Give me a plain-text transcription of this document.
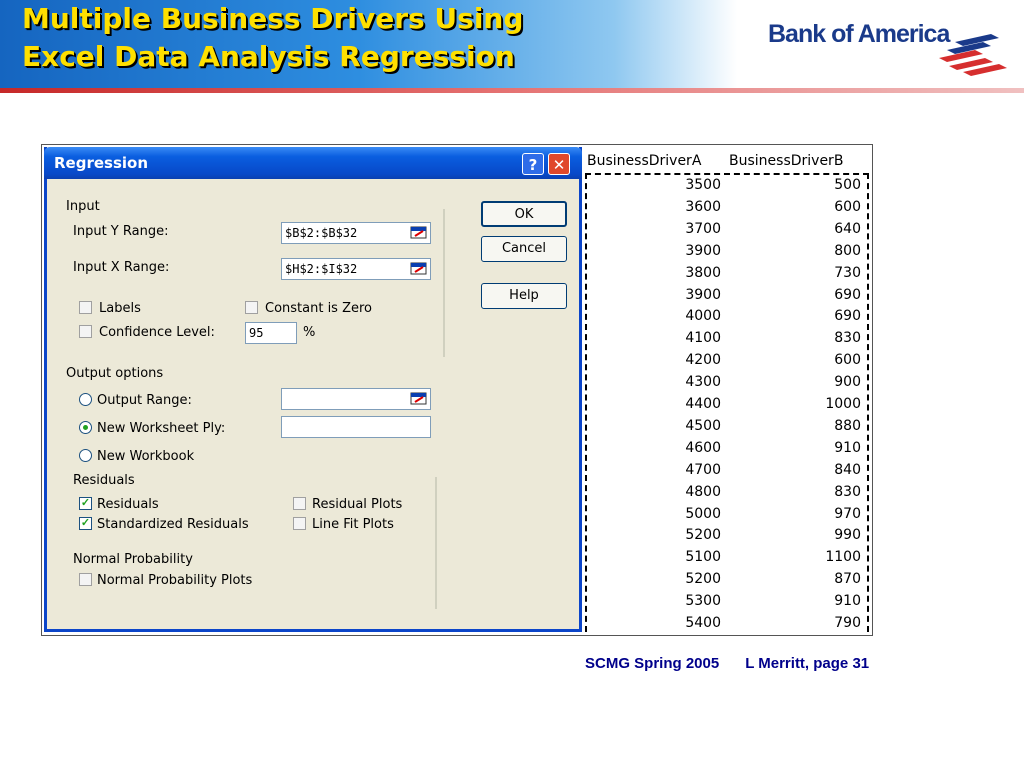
Multiple Business Drivers Using
Excel Data Analysis Regression
Bank of America
Regression	?	✕
Input
Input Y Range:	$B$2:$B$32
Input X Range:	$H$2:$I$32
Labels	Constant is Zero
Confidence Level:	95	%
Output options
Output Range:
New Worksheet Ply:
New Workbook
Residuals
✓ Residuals
✓ Standardized Residuals
Residual Plots
Line Fit Plots
Normal Probability
Normal Probability Plots
OK
Cancel
Help
BusinessDriverA BusinessDriverB
3500	500
3600	600
3700	640
3900	800
3800	730
3900	690
4000	690
4100	830
4200	600
4300	900
4400	1000
4500	880
4600	910
4700	840
4800	830
5000	970
5200	990
5100	1100
5200	870
5300	910
5400	790
SCMG Spring 2005 L Merritt, page 31
